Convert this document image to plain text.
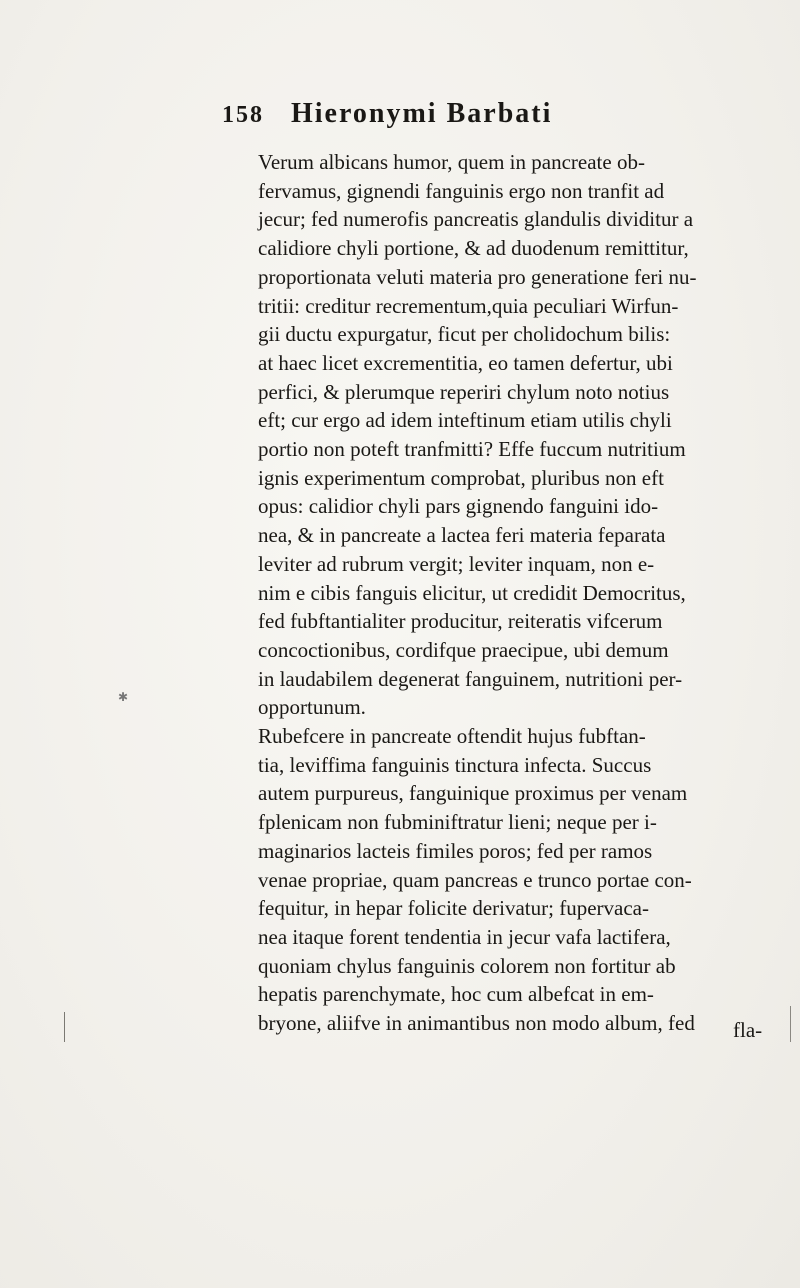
158 Hieronymi Barbati

Verum albicans humor, quem in pancreate ob-
fervamus, gignendi fanguinis ergo non tranfit ad
jecur; fed numerofis pancreatis glandulis dividitur a
calidiore chyli portione, & ad duodenum remittitur,
proportionata veluti materia pro generatione feri nu-
tritii: creditur recrementum,quia peculiari Wirfun-
gii ductu expurgatur, ficut per cholidochum bilis:
at haec licet excrementitia, eo tamen defertur, ubi
perfici, & plerumque reperiri chylum noto notius
eft; cur ergo ad idem inteftinum etiam utilis chyli
portio non poteft tranfmitti? Effe fuccum nutritium
ignis experimentum comprobat, pluribus non eft
opus: calidior chyli pars gignendo fanguini ido-
nea, & in pancreate a lactea feri materia feparata
leviter ad rubrum vergit; leviter inquam, non e-
nim e cibis fanguis elicitur, ut credidit Democritus,
fed fubftantialiter producitur, reiteratis vifcerum
concoctionibus, cordifque praecipue, ubi demum
in laudabilem degenerat fanguinem, nutritioni per-
opportunum.

Rubefcere in pancreate oftendit hujus fubftan-
tia, leviffima fanguinis tinctura infecta. Succus
autem purpureus, fanguinique proximus per venam
fplenicam non fubminiftratur lieni; neque per i-
maginarios lacteis fimiles poros; fed per ramos
venae propriae, quam pancreas e trunco portae con-
fequitur, in hepar folicite derivatur; fupervaca-
nea itaque forent tendentia in jecur vafa lactifera,
quoniam chylus fanguinis colorem non fortitur ab
hepatis parenchymate, hoc cum albefcat in em-
bryone, aliifve in animantibus non modo album, fed	fla-
✱
